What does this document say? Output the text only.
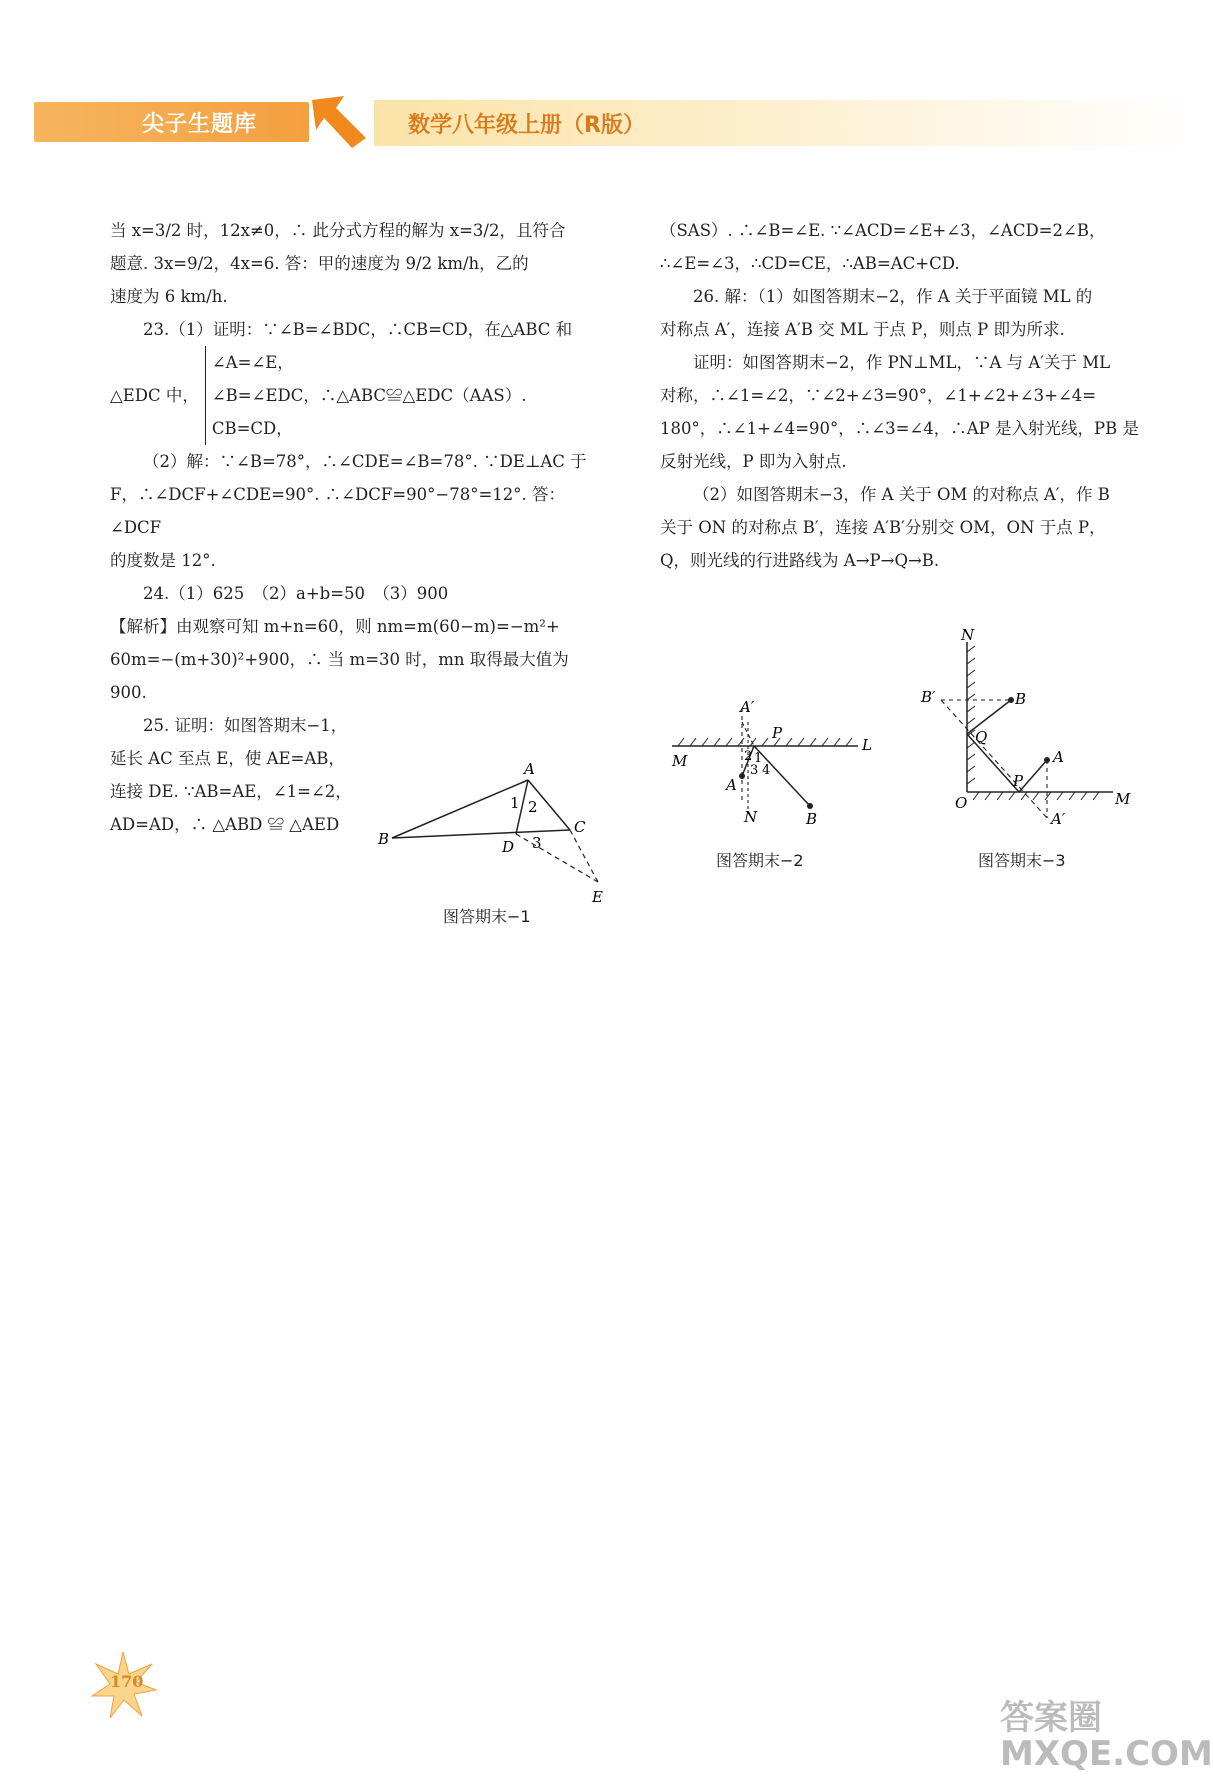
尖子生题库	数学八年级上册（R版）

当 x=3/2 时，12x≠0，∴ 此分式方程的解为 x=3/2，且符合

题意. 3x=9/2，4x=6. 答：甲的速度为 9/2 km/h，乙的

速度为 6 km/h.

23.（1）证明：∵∠B=∠BDC，∴CB=CD，在△ABC 和

△EDC 中，
∠A=∠E，
∠B=∠EDC，∴△ABC≌△EDC（AAS）.
CB=CD，

（2）解：∵∠B=78°，∴∠CDE=∠B=78°. ∵DE⊥AC 于

F，∴∠DCF+∠CDE=90°. ∴∠DCF=90°−78°=12°. 答：∠DCF

的度数是 12°.

24.（1）625　（2）a+b=50　（3）900

【解析】由观察可知 m+n=60，则 nm=m(60−m)=−m²+

60m=−(m+30)²+900，∴ 当 m=30 时，mn 取得最大值为

900.

25. 证明：如图答期末−1，

延长 AC 至点 E，使 AE=AB，

连接 DE. ∵AB=AE，∠1=∠2，

AD=AD，∴ △ABD ≌ △AED

（SAS）. ∴∠B=∠E. ∵∠ACD=∠E+∠3，∠ACD=2∠B，

∴∠E=∠3，∴CD=CE，∴AB=AC+CD.

26. 解：（1）如图答期末−2，作 A 关于平面镜 ML 的

对称点 A′，连接 A′B 交 ML 于点 P，则点 P 即为所求.

证明：如图答期末−2，作 PN⊥ML，∵A 与 A′关于 ML

对称，∴∠1=∠2，∵∠2+∠3=90°，∠1+∠2+∠3+∠4=

180°，∴∠1+∠4=90°，∴∠3=∠4，∴AP 是入射光线，PB 是

反射光线，P 即为入射点.

（2）如图答期末−3，作 A 关于 OM 的对称点 A′，作 B

关于 ON 的对称点 B′，连接 A′B′分别交 OM，ON 于点 P，

Q，则光线的行进路线为 A→P→Q→B.

A
B
C
D
E
1 2
3
图答期末−1
A′
P
M
L
1
2
3 4
A
N	B
图答期末−2
N
B′	B
Q
A
P
O
A′
M
图答期末−3
170
答案圈 MXQE.COM
